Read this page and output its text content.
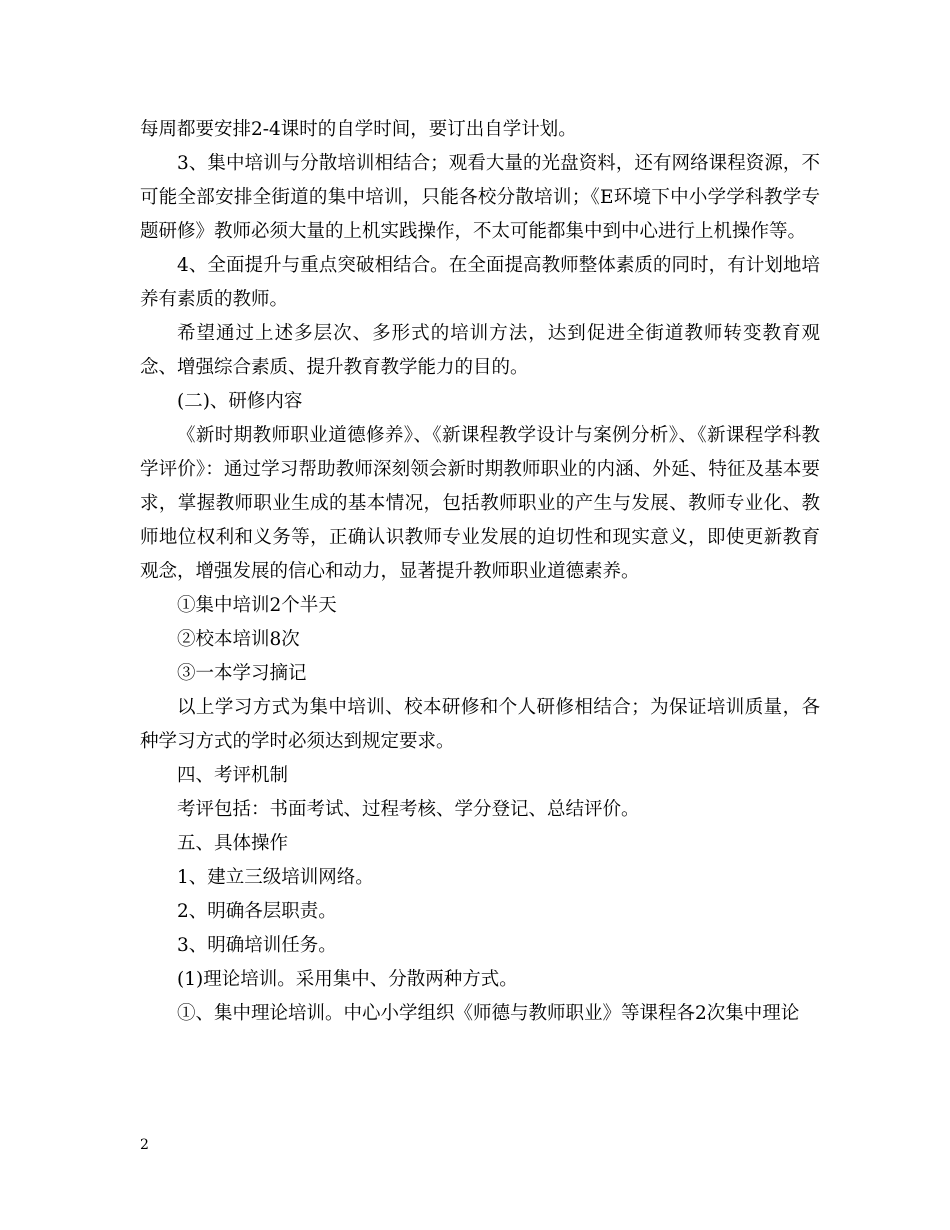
每周都要安排2-4课时的自学时间，要订出自学计划。

3、集中培训与分散培训相结合；观看大量的光盘资料，还有网络课程资源，不可能全部安排全街道的集中培训，只能各校分散培训；《E环境下中小学学科教学专题研修》教师必须大量的上机实践操作，不太可能都集中到中心进行上机操作等。

4、全面提升与重点突破相结合。在全面提高教师整体素质的同时，有计划地培养有素质的教师。

希望通过上述多层次、多形式的培训方法，达到促进全街道教师转变教育观念、增强综合素质、提升教育教学能力的目的。

(二)、研修内容

《新时期教师职业道德修养》、《新课程教学设计与案例分析》、《新课程学科教学评价》：通过学习帮助教师深刻领会新时期教师职业的内涵、外延、特征及基本要求，掌握教师职业生成的基本情况，包括教师职业的产生与发展、教师专业化、教师地位权利和义务等，正确认识教师专业发展的迫切性和现实意义，即使更新教育观念，增强发展的信心和动力，显著提升教师职业道德素养。

①集中培训2个半天

②校本培训8次

③一本学习摘记

以上学习方式为集中培训、校本研修和个人研修相结合；为保证培训质量，各种学习方式的学时必须达到规定要求。

四、考评机制

考评包括：书面考试、过程考核、学分登记、总结评价。

五、具体操作

1、建立三级培训网络。

2、明确各层职责。

3、明确培训任务。

(1)理论培训。采用集中、分散两种方式。

①、集中理论培训。中心小学组织《师德与教师职业》等课程各2次集中理论

2
